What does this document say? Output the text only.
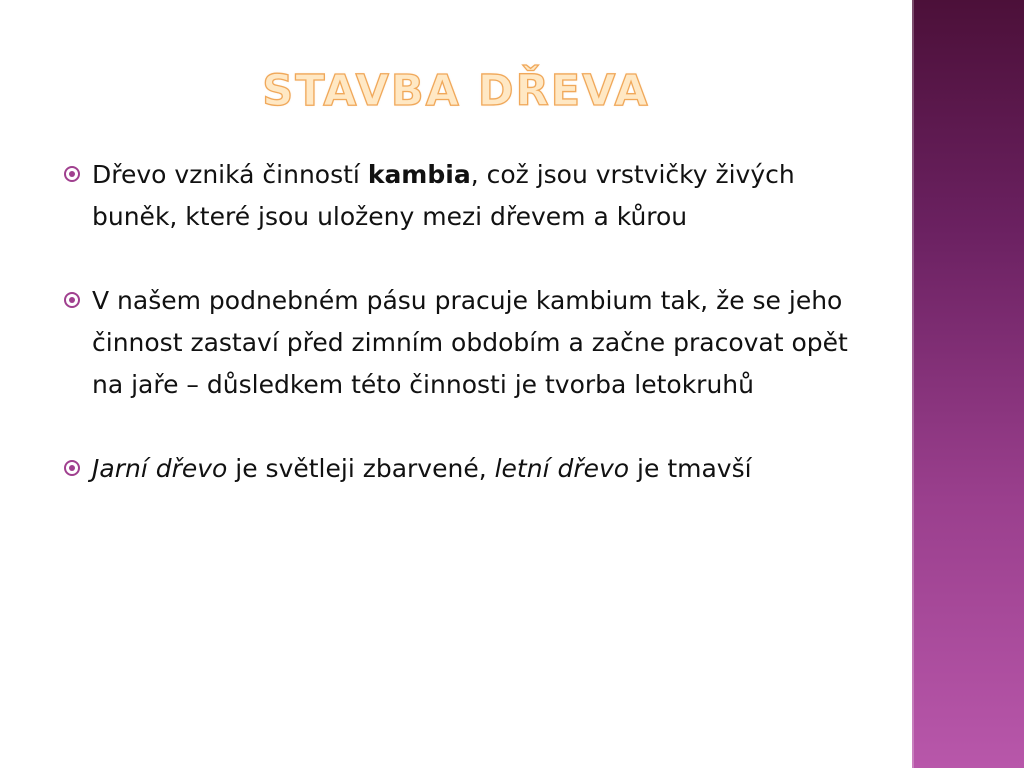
STAVBA DŘEVA
Dřevo vzniká činností kambia, což jsou vrstvičky živých buněk, které jsou uloženy mezi dřevem a kůrou
V našem podnebném pásu pracuje kambium tak, že se jeho činnost zastaví před zimním obdobím a začne pracovat opět na jaře – důsledkem této činnosti je tvorba letokruhů
Jarní dřevo je světleji zbarvené, letní dřevo je tmavší
